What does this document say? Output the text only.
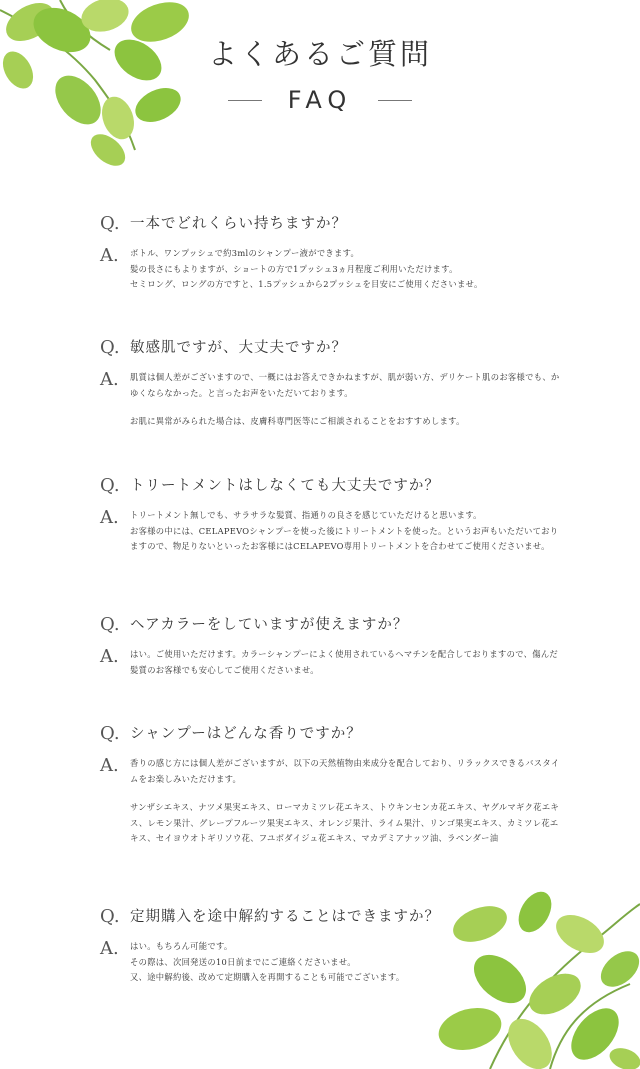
よくあるご質問
FAQ
Q. 一本でどれくらい持ちますか？
A.	ボトル、ワンプッシュで約3mlのシャンプー液ができます。
髪の長さにもよりますが、ショートの方で1プッシュ3ヵ月程度ご利用いただけます。
セミロング、ロングの方ですと、1.5プッシュから2プッシュを目安にご使用くださいませ。

Q. 敏感肌ですが、大丈夫ですか？
A.	肌質は個人差がございますので、一概にはお答えできかねますが、肌が弱い方、デリケート肌のお客様でも、かゆくならなかった。と言ったお声をいただいております。

お肌に異常がみられた場合は、皮膚科専門医等にご相談されることをおすすめします。

Q. トリートメントはしなくても大丈夫ですか？
A.	トリートメント無しでも、サラサラな髪質、指通りの良さを感じていただけると思います。
お客様の中には、CELAPEVOシャンプーを使った後にトリートメントを使った。というお声もいただいておりますので、物足りないといったお客様にはCELAPEVO専用トリートメントを合わせてご使用くださいませ。

Q. ヘアカラーをしていますが使えますか？
A.	はい。ご使用いただけます。カラーシャンプーによく使用されているヘマチンを配合しておりますので、傷んだ髪質のお客様でも安心してご使用くださいませ。

Q. シャンプーはどんな香りですか？
A.	香りの感じ方には個人差がございますが、以下の天然植物由来成分を配合しており、リラックスできるバスタイムをお楽しみいただけます。

サンザシエキス、ナツメ果実エキス、ローマカミツレ花エキス、トウキンセンカ花エキス、ヤグルマギク花エキス、レモン果汁、グレープフルーツ果実エキス、オレンジ果汁、ライム果汁、リンゴ果実エキス、カミツレ花エキス、セイヨウオトギリソウ花、フユボダイジュ花エキス、マカデミアナッツ油、ラベンダー油

Q. 定期購入を途中解約することはできますか？
A.	はい。もちろん可能です。
その際は、次回発送の10日前までにご連絡くださいませ。
又、途中解約後、改めて定期購入を再開することも可能でございます。
